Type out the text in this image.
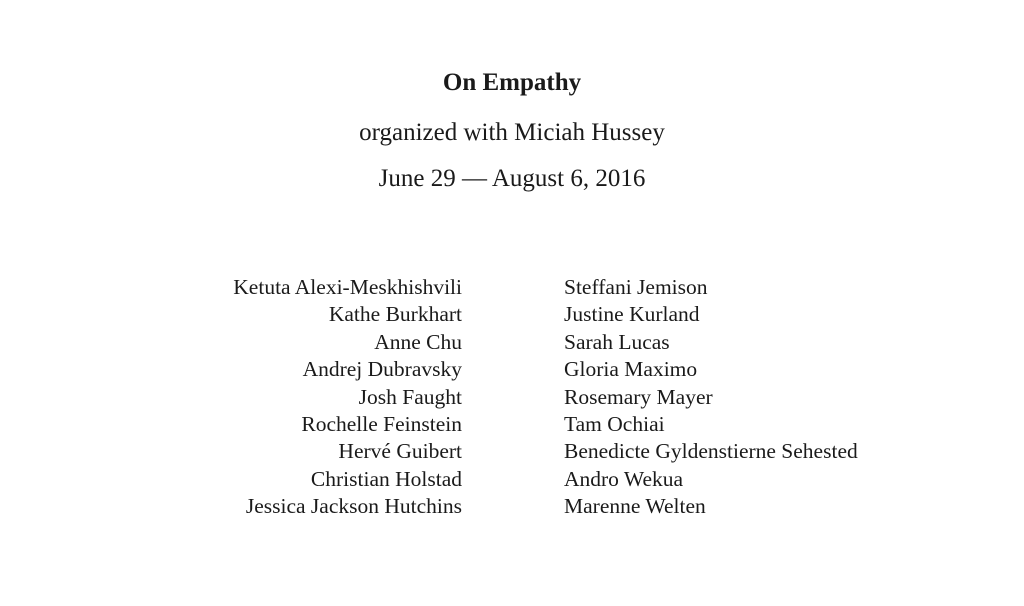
On Empathy
organized with Miciah Hussey
June 29 — August 6, 2016
Ketuta Alexi-Meskhishvili
Kathe Burkhart
Anne Chu
Andrej Dubravsky
Josh Faught
Rochelle Feinstein
Hervé Guibert
Christian Holstad
Jessica Jackson Hutchins
Steffani Jemison
Justine Kurland
Sarah Lucas
Gloria Maximo
Rosemary Mayer
Tam Ochiai
Benedicte Gyldenstierne Sehested
Andro Wekua
Marenne Welten
